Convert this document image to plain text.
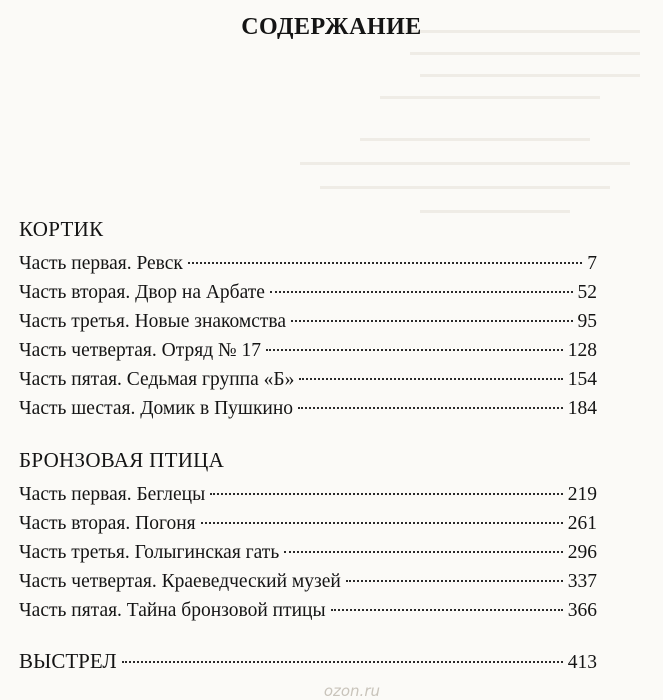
СОДЕРЖАНИЕ
КОРТИК
Часть первая. Ревск	7
Часть вторая. Двор на Арбате	52
Часть третья. Новые знакомства	95
Часть четвертая. Отряд № 17	128
Часть пятая. Седьмая группа «Б»	154
Часть шестая. Домик в Пушкино	184
БРОНЗОВАЯ ПТИЦА
Часть первая. Беглецы	219
Часть вторая. Погоня	261
Часть третья. Голыгинская гать	296
Часть четвертая. Краеведческий музей	337
Часть пятая. Тайна бронзовой птицы	366
ВЫСТРЕЛ	413
ozon.ru
